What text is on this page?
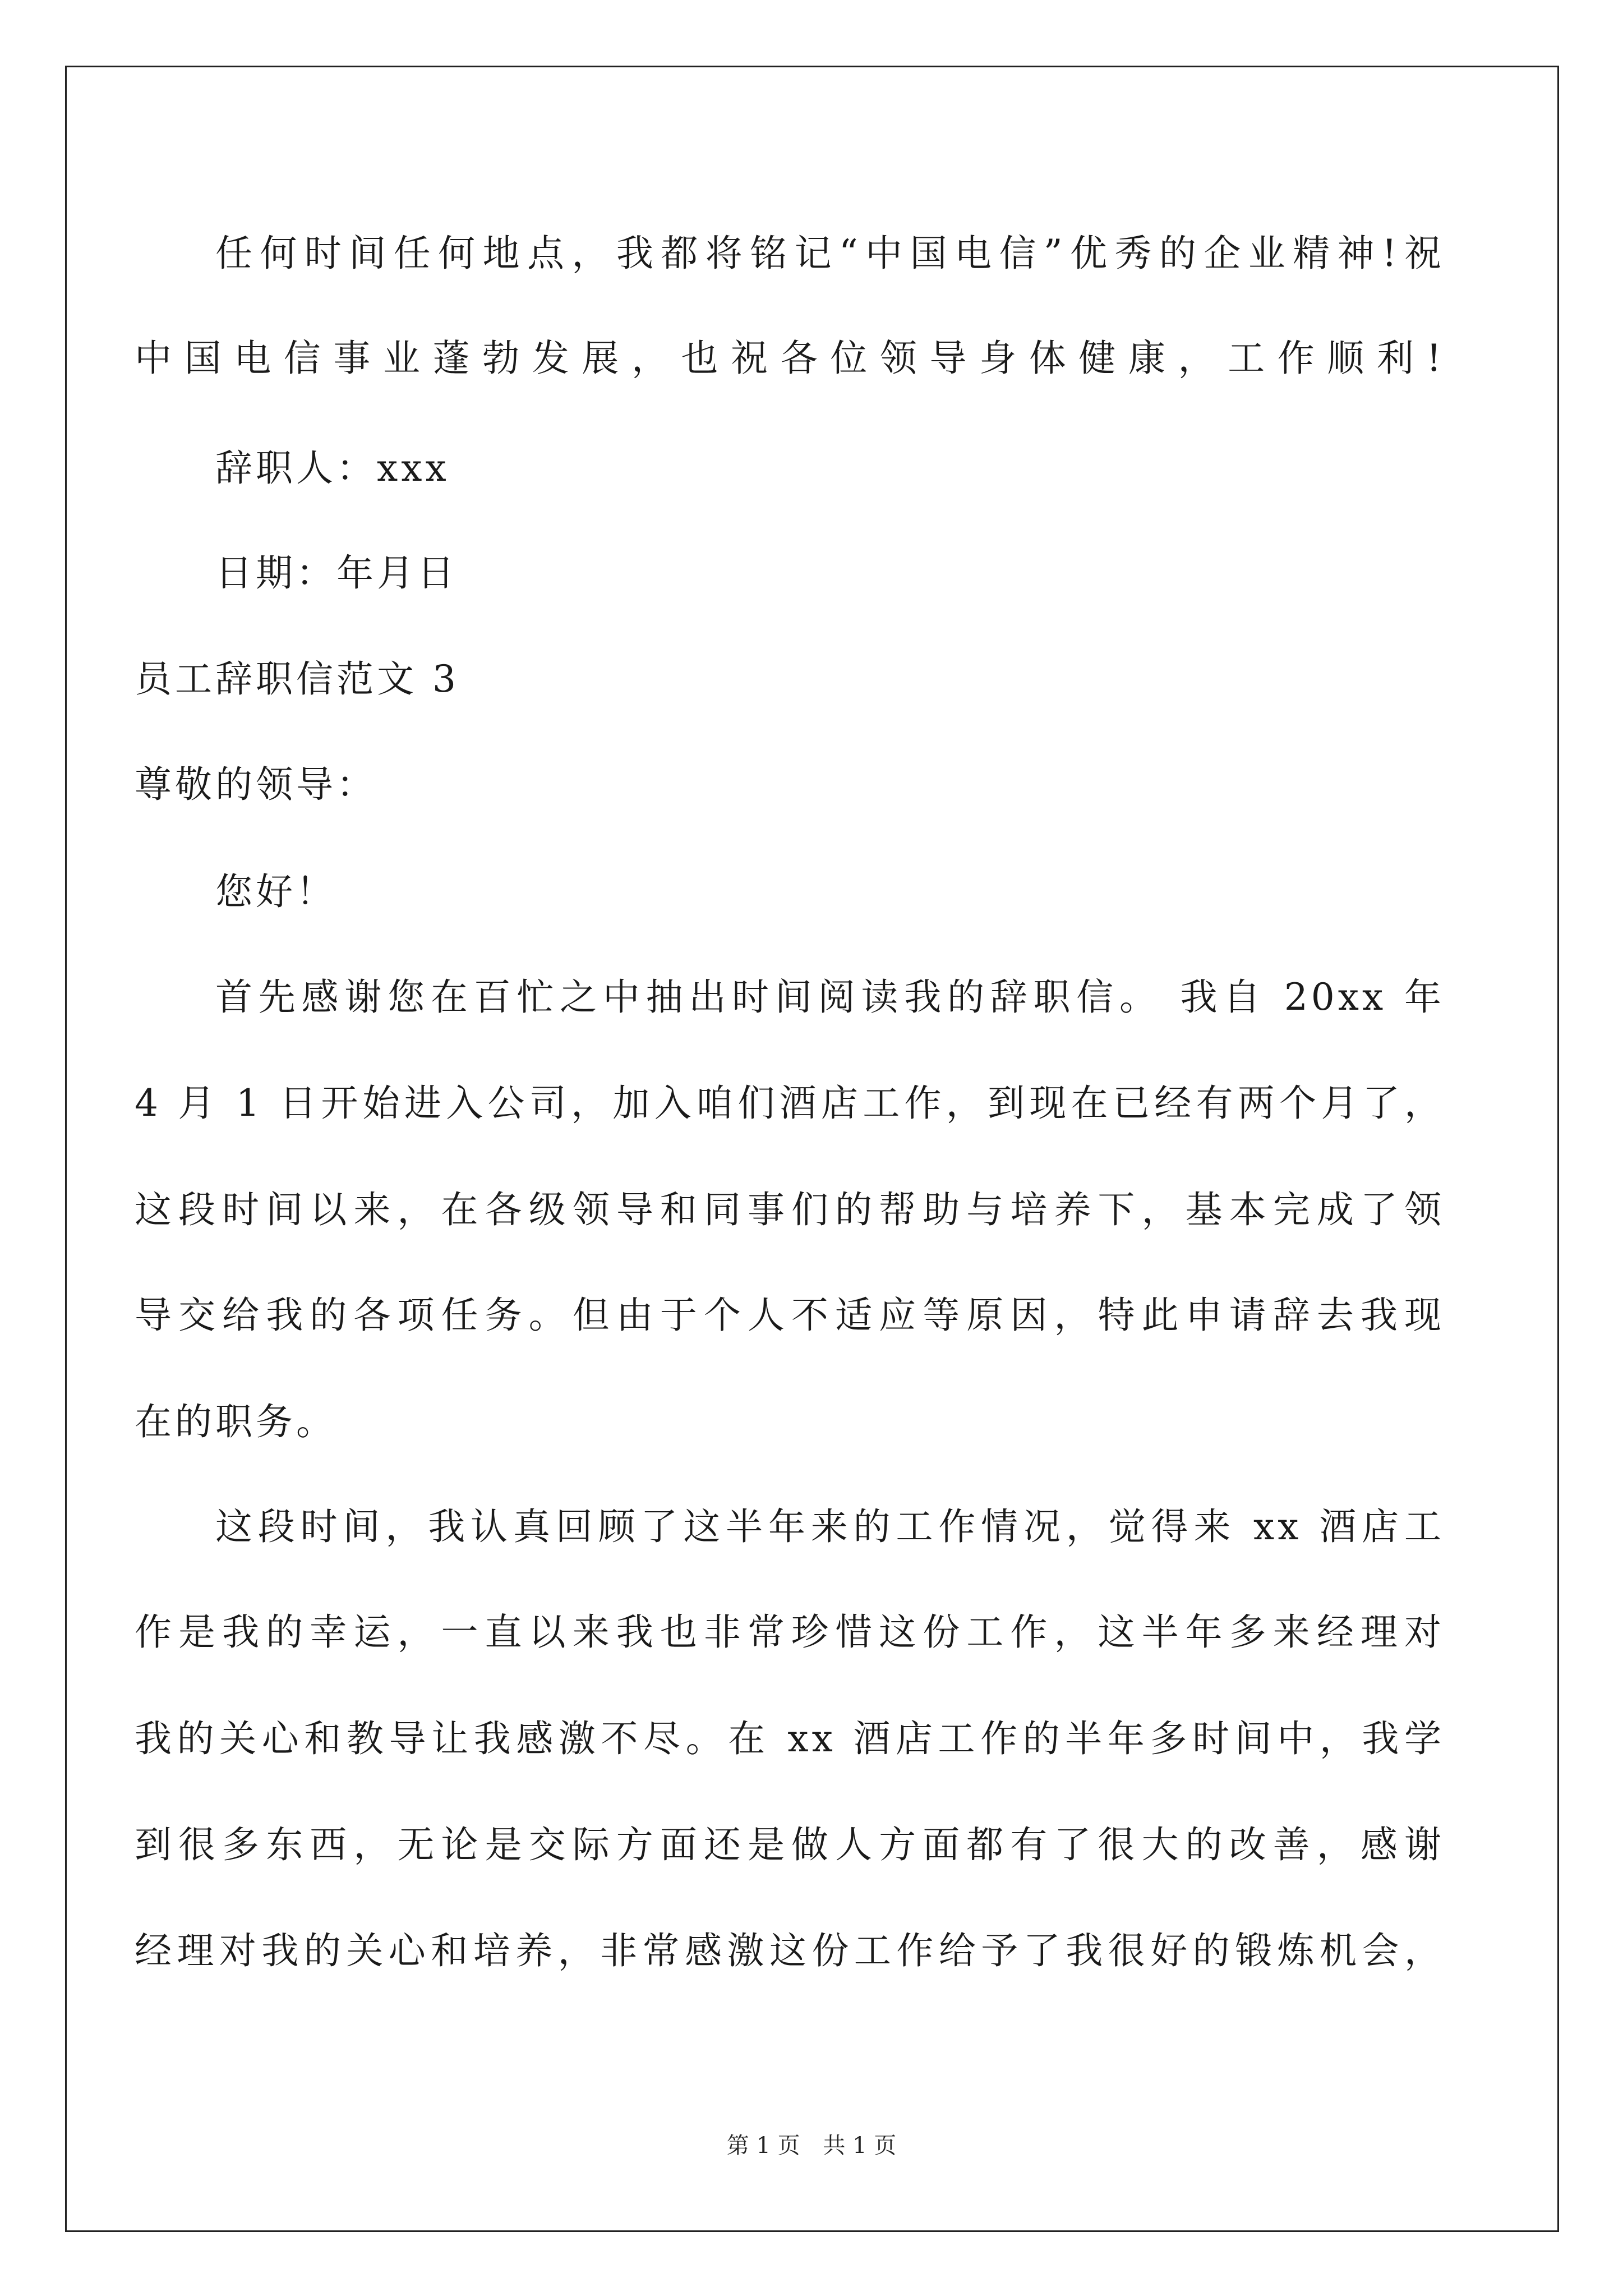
任何时间任何地点，我都将铭记“中国电信”优秀的企业精神!祝
中国电信事业蓬勃发展，也祝各位领导身体健康，工作顺利!
辞职人：xxx
日期：年月日
员工辞职信范文 3
尊敬的领导：
您好！
首先感谢您在百忙之中抽出时间阅读我的辞职信。 我自 20xx 年
4 月 1 日开始进入公司，加入咱们酒店工作，到现在已经有两个月了，
这段时间以来，在各级领导和同事们的帮助与培养下，基本完成了领
导交给我的各项任务。但由于个人不适应等原因，特此申请辞去我现
在的职务。
这段时间，我认真回顾了这半年来的工作情况，觉得来 xx 酒店工
作是我的幸运，一直以来我也非常珍惜这份工作，这半年多来经理对
我的关心和教导让我感激不尽。在 xx 酒店工作的半年多时间中，我学
到很多东西，无论是交际方面还是做人方面都有了很大的改善，感谢
经理对我的关心和培养，非常感激这份工作给予了我很好的锻炼机会，
第 1 页 共 1 页
